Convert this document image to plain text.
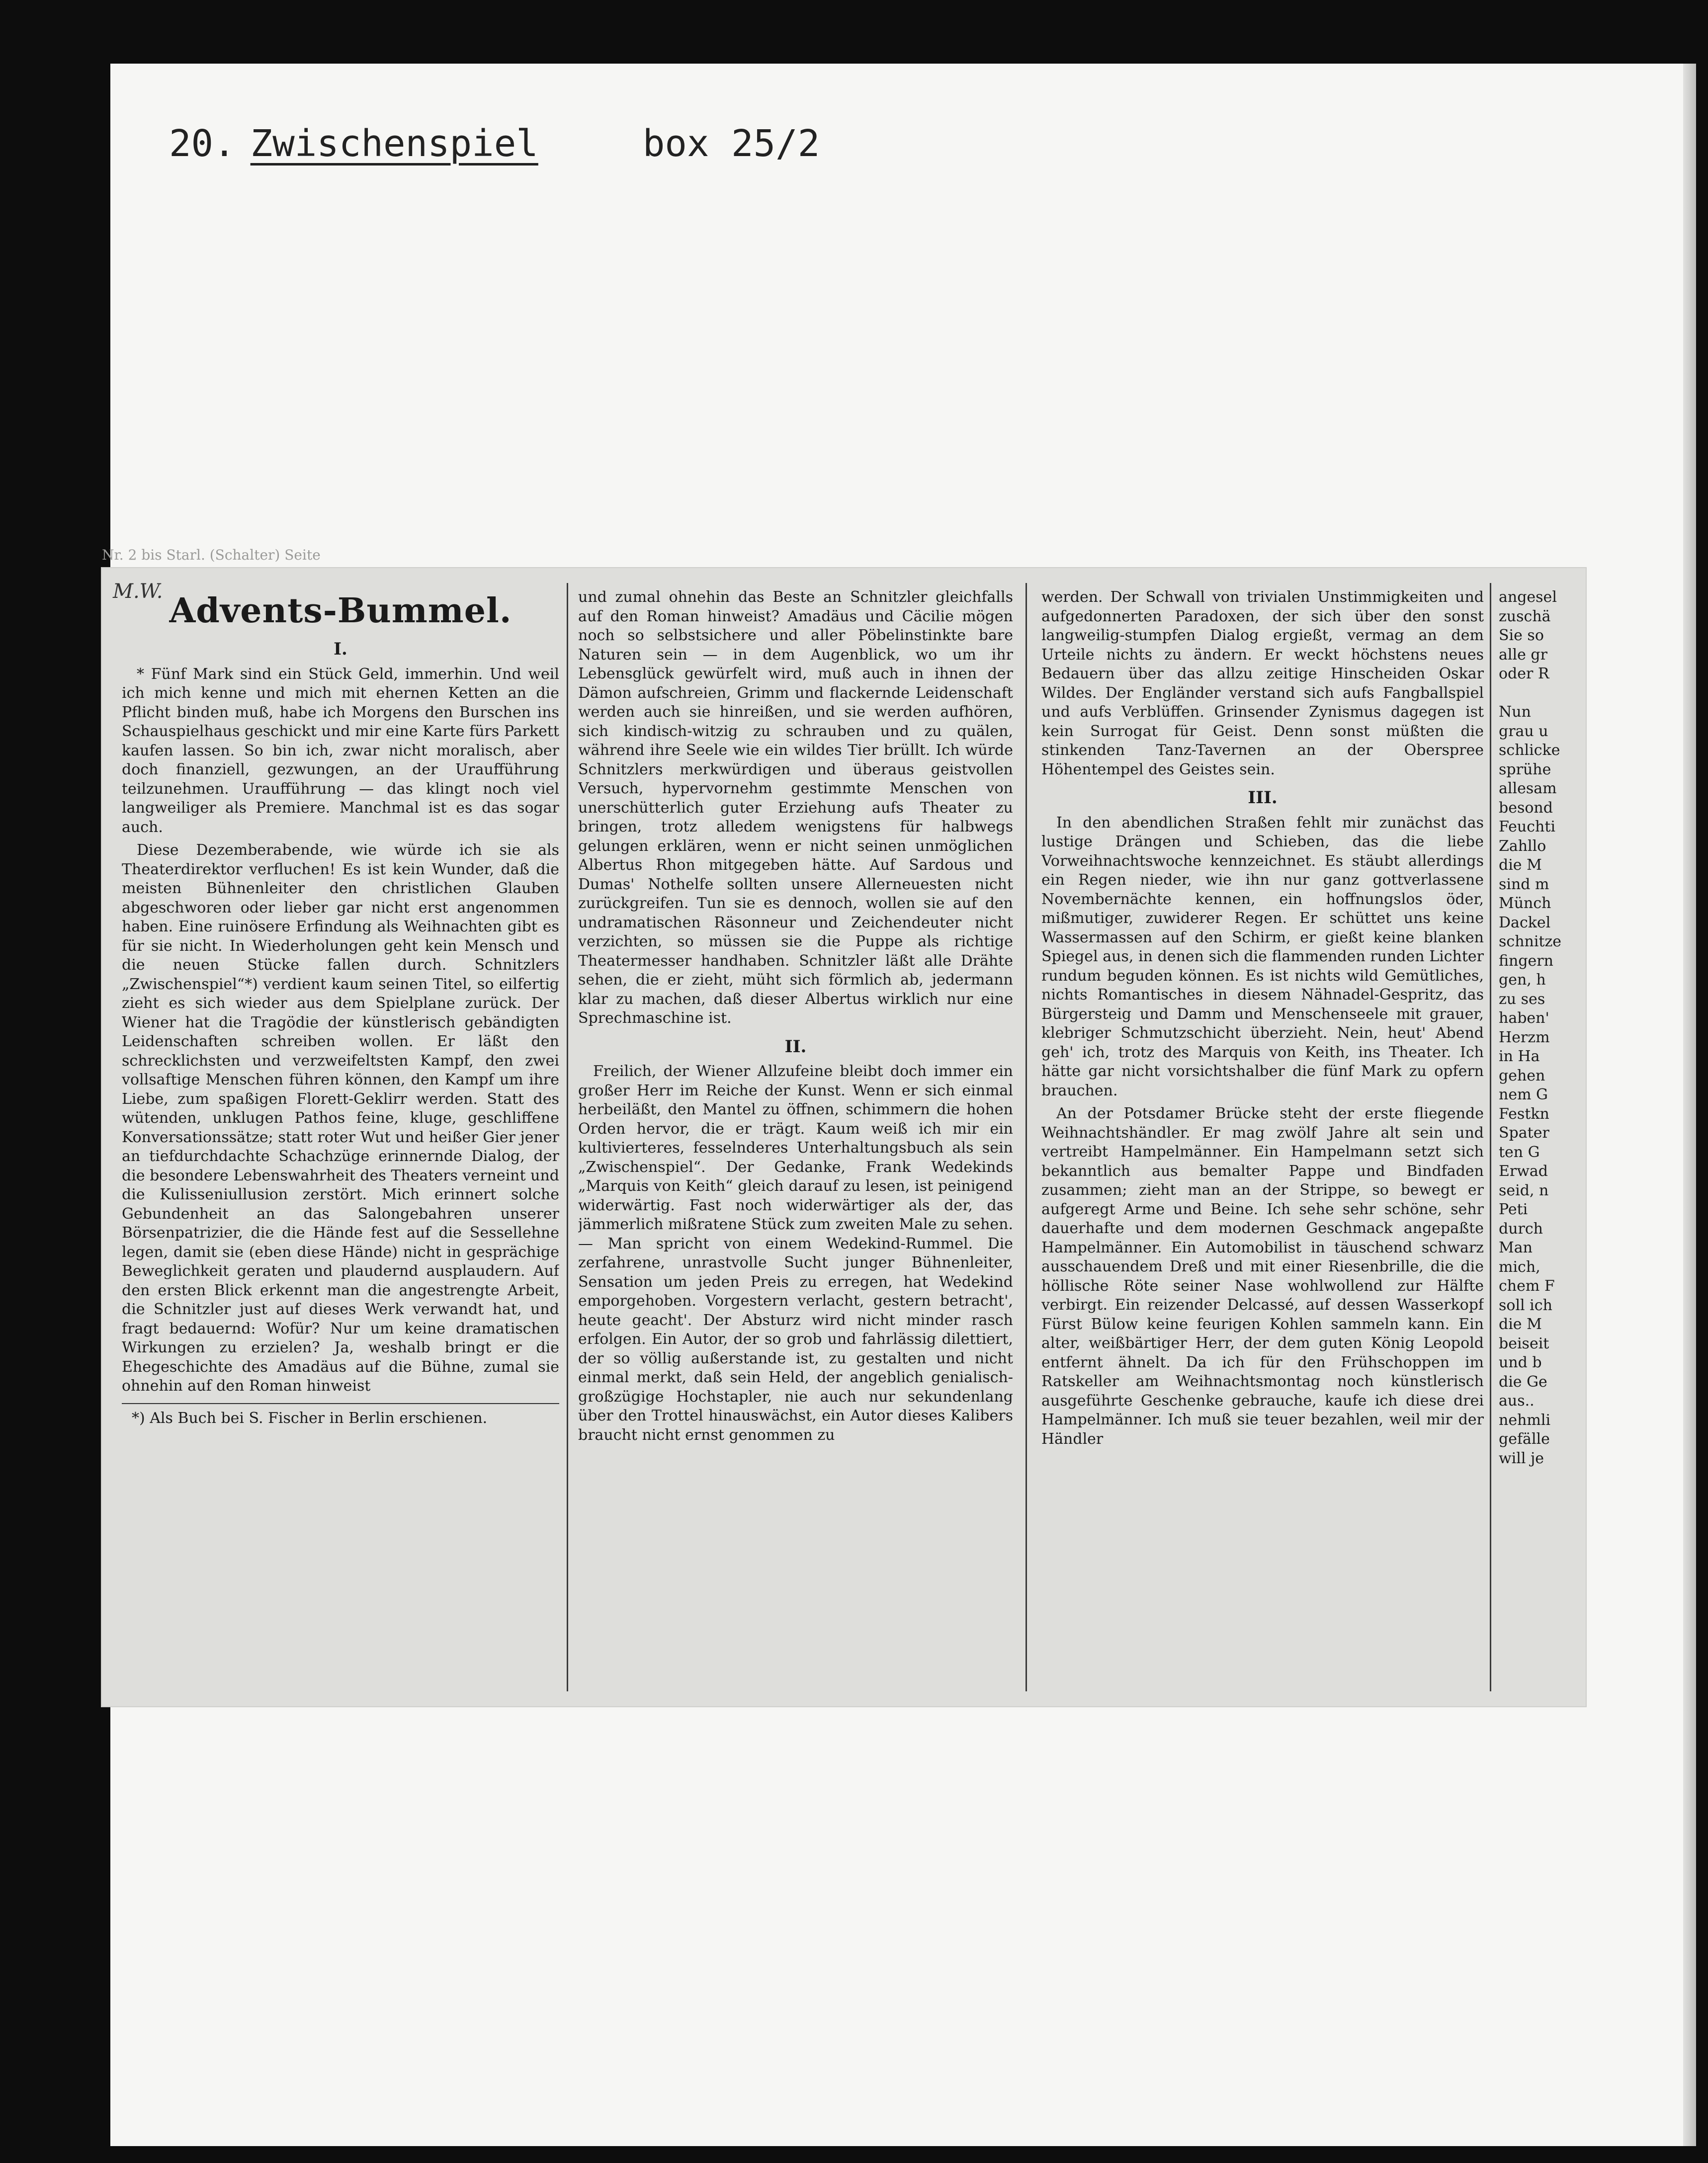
20. Zwischenspiel	box 25/2
Nr. 2 bis Starl. (Schalter) Seite
M.W. Advents-Bummel.
I.

* Fünf Mark sind ein Stück Geld, immerhin. Und weil ich mich kenne und mich mit ehernen Ketten an die Pflicht binden muß, habe ich Morgens den Burschen ins Schauspielhaus geschickt und mir eine Karte fürs Parkett kaufen lassen. So bin ich, zwar nicht moralisch, aber doch finanziell, gezwungen, an der Uraufführung teilzunehmen. Uraufführung — das klingt noch viel langweiliger als Premiere. Manchmal ist es das sogar auch.

Diese Dezemberabende, wie würde ich sie als Theaterdirektor verfluchen! Es ist kein Wunder, daß die meisten Bühnenleiter den christlichen Glauben abgeschworen oder lieber gar nicht erst angenommen haben. Eine ruinösere Erfindung als Weihnachten gibt es für sie nicht. In Wiederholungen geht kein Mensch und die neuen Stücke fallen durch. Schnitzlers „Zwischenspiel“*) verdient kaum seinen Titel, so eilfertig zieht es sich wieder aus dem Spielplane zurück. Der Wiener hat die Tragödie der künstlerisch gebändigten Leidenschaften schreiben wollen. Er läßt den schrecklichsten und verzweifeltsten Kampf, den zwei vollsaftige Menschen führen können, den Kampf um ihre Liebe, zum spaßigen Florett-Geklirr werden. Statt des wütenden, unklugen Pathos feine, kluge, geschliffene Konversationssätze; statt roter Wut und heißer Gier jener an tiefdurchdachte Schachzüge erinnernde Dialog, der die besondere Lebenswahrheit des Theaters verneint und die Kulisseniullusion zerstört. Mich erinnert solche Gebundenheit an das Salongebahren unserer Börsenpatrizier, die die Hände fest auf die Sessellehne legen, damit sie (eben diese Hände) nicht in gesprächige Beweglichkeit geraten und plaudernd ausplaudern. Auf den ersten Blick erkennt man die angestrengte Arbeit, die Schnitzler just auf dieses Werk verwandt hat, und fragt bedauernd: Wofür? Nur um keine dramatischen Wirkungen zu erzielen? Ja, weshalb bringt er die Ehegeschichte des Amadäus auf die Bühne, zumal sie ohnehin auf den Roman hinweist

*) Als Buch bei S. Fischer in Berlin erschienen.

und zumal ohnehin das Beste an Schnitzler gleichfalls auf den Roman hinweist? Amadäus und Cäcilie mögen noch so selbstsichere und aller Pöbelinstinkte bare Naturen sein — in dem Augenblick, wo um ihr Lebensglück gewürfelt wird, muß auch in ihnen der Dämon aufschreien, Grimm und flackernde Leidenschaft werden auch sie hinreißen, und sie werden aufhören, sich kindisch-witzig zu schrauben und zu quälen, während ihre Seele wie ein wildes Tier brüllt. Ich würde Schnitzlers merkwürdigen und überaus geistvollen Versuch, hypervornehm gestimmte Menschen von unerschütterlich guter Erziehung aufs Theater zu bringen, trotz alledem wenigstens für halbwegs gelungen erklären, wenn er nicht seinen unmöglichen Albertus Rhon mitgegeben hätte. Auf Sardous und Dumas' Nothelfe sollten unsere Allerneuesten nicht zurückgreifen. Tun sie es dennoch, wollen sie auf den undramatischen Räsonneur und Zeichendeuter nicht verzichten, so müssen sie die Puppe als richtige Theatermesser handhaben. Schnitzler läßt alle Drähte sehen, die er zieht, müht sich förmlich ab, jedermann klar zu machen, daß dieser Albertus wirklich nur eine Sprechmaschine ist.

II.

Freilich, der Wiener Allzufeine bleibt doch immer ein großer Herr im Reiche der Kunst. Wenn er sich einmal herbeiläßt, den Mantel zu öffnen, schimmern die hohen Orden hervor, die er trägt. Kaum weiß ich mir ein kultivierteres, fesselnderes Unterhaltungsbuch als sein „Zwischenspiel“. Der Gedanke, Frank Wedekinds „Marquis von Keith“ gleich darauf zu lesen, ist peinigend widerwärtig. Fast noch widerwärtiger als der, das jämmerlich mißratene Stück zum zweiten Male zu sehen. — Man spricht von einem Wedekind-Rummel. Die zerfahrene, unrastvolle Sucht junger Bühnenleiter, Sensation um jeden Preis zu erregen, hat Wedekind emporgehoben. Vorgestern verlacht, gestern betracht', heute geacht'. Der Absturz wird nicht minder rasch erfolgen. Ein Autor, der so grob und fahrlässig dilettiert, der so völlig außerstande ist, zu gestalten und nicht einmal merkt, daß sein Held, der angeblich genialisch-großzügige Hochstapler, nie auch nur sekundenlang über den Trottel hinauswächst, ein Autor dieses Kalibers braucht nicht ernst genommen zu

werden. Der Schwall von trivialen Unstimmigkeiten und aufgedonnerten Paradoxen, der sich über den sonst langweilig-stumpfen Dialog ergießt, vermag an dem Urteile nichts zu ändern. Er weckt höchstens neues Bedauern über das allzu zeitige Hinscheiden Oskar Wildes. Der Engländer verstand sich aufs Fangballspiel und aufs Verblüffen. Grinsender Zynismus dagegen ist kein Surrogat für Geist. Denn sonst müßten die stinkenden Tanz-Tavernen an der Oberspree Höhentempel des Geistes sein.

III.

In den abendlichen Straßen fehlt mir zunächst das lustige Drängen und Schieben, das die liebe Vorweihnachtswoche kennzeichnet. Es stäubt allerdings ein Regen nieder, wie ihn nur ganz gottverlassene Novembernächte kennen, ein hoffnungslos öder, mißmutiger, zuwiderer Regen. Er schüttet uns keine Wassermassen auf den Schirm, er gießt keine blanken Spiegel aus, in denen sich die flammenden runden Lichter rundum beguden können. Es ist nichts wild Gemütliches, nichts Romantisches in diesem Nähnadel-Gespritz, das Bürgersteig und Damm und Menschenseele mit grauer, klebriger Schmutzschicht überzieht. Nein, heut' Abend geh' ich, trotz des Marquis von Keith, ins Theater. Ich hätte gar nicht vorsichtshalber die fünf Mark zu opfern brauchen.

An der Potsdamer Brücke steht der erste fliegende Weihnachtshändler. Er mag zwölf Jahre alt sein und vertreibt Hampelmänner. Ein Hampelmann setzt sich bekanntlich aus bemalter Pappe und Bindfaden zusammen; zieht man an der Strippe, so bewegt er aufgeregt Arme und Beine. Ich sehe sehr schöne, sehr dauerhafte und dem modernen Geschmack angepaßte Hampelmänner. Ein Automobilist in täuschend schwarz ausschauendem Dreß und mit einer Riesenbrille, die die höllische Röte seiner Nase wohlwollend zur Hälfte verbirgt. Ein reizender Delcassé, auf dessen Wasserkopf Fürst Bülow keine feurigen Kohlen sammeln kann. Ein alter, weißbärtiger Herr, der dem guten König Leopold entfernt ähnelt. Da ich für den Frühschoppen im Ratskeller am Weihnachtsmontag noch künstlerisch ausgeführte Geschenke gebrauche, kaufe ich diese drei Hampelmänner. Ich muß sie teuer bezahlen, weil mir der Händler

angesel

zuschä

Sie so

alle gr

oder R

Nun

grau u

schlicke

sprühe

allesam

besond

Feuchti

Zahllo

die M

sind m

Münch

Dackel

schnitze

fingern

gen, h

zu ses

haben'

Herzm

in Ha

gehen

nem G

Festkn

Spater

ten G

Erwad

seid, n

Peti

durch

Man

mich,

chem F

soll ich

die M

beiseit

und b

die Ge

aus..

nehmli

gefälle

will je
